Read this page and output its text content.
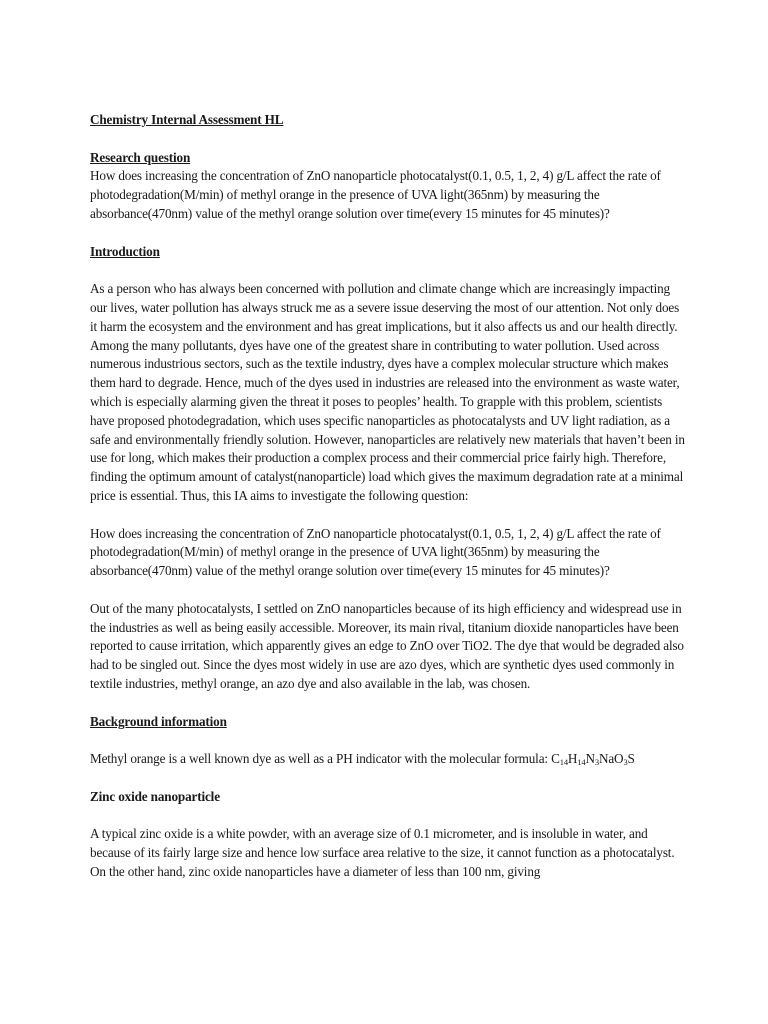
Chemistry Internal Assessment HL

Research question

How does increasing the concentration of ZnO nanoparticle photocatalyst(0.1, 0.5, 1, 2, 4) g/L affect the rate of photodegradation(M/min) of methyl orange in the presence of UVA light(365nm) by measuring the absorbance(470nm) value of the methyl orange solution over time(every 15 minutes for 45 minutes)?

Introduction

As a person who has always been concerned with pollution and climate change which are increasingly impacting our lives, water pollution has always struck me as a severe issue deserving the most of our attention. Not only does it harm the ecosystem and the environment and has great implications, but it also affects us and our health directly. Among the many pollutants, dyes have one of the greatest share in contributing to water pollution. Used across numerous industrious sectors, such as the textile industry, dyes have a complex molecular structure which makes them hard to degrade. Hence, much of the dyes used in industries are released into the environment as waste water, which is especially alarming given the threat it poses to peoples’ health. To grapple with this problem, scientists have proposed photodegradation, which uses specific nanoparticles as photocatalysts and UV light radiation, as a safe and environmentally friendly solution. However, nanoparticles are relatively new materials that haven’t been in use for long, which makes their production a complex process and their commercial price fairly high. Therefore, finding the optimum amount of catalyst(nanoparticle) load which gives the maximum degradation rate at a minimal price is essential. Thus, this IA aims to investigate the following question:

How does increasing the concentration of ZnO nanoparticle photocatalyst(0.1, 0.5, 1, 2, 4) g/L affect the rate of photodegradation(M/min) of methyl orange in the presence of UVA light(365nm) by measuring the absorbance(470nm) value of the methyl orange solution over time(every 15 minutes for 45 minutes)?

Out of the many photocatalysts, I settled on ZnO nanoparticles because of its high efficiency and widespread use in the industries as well as being easily accessible. Moreover, its main rival, titanium dioxide nanoparticles have been reported to cause irritation, which apparently gives an edge to ZnO over TiO2. The dye that would be degraded also had to be singled out. Since the dyes most widely in use are azo dyes, which are synthetic dyes used commonly in textile industries, methyl orange, an azo dye and also available in the lab, was chosen.

Background information

Methyl orange is a well known dye as well as a PH indicator with the molecular formula: $C_{14}H_{14}N_3NaO_3S$

Zinc oxide nanoparticle

A typical zinc oxide is a white powder, with an average size of 0.1 micrometer, and is insoluble in water, and because of its fairly large size and hence low surface area relative to the size, it cannot function as a photocatalyst. On the other hand, zinc oxide nanoparticles have a diameter of less than 100 nm, giving
